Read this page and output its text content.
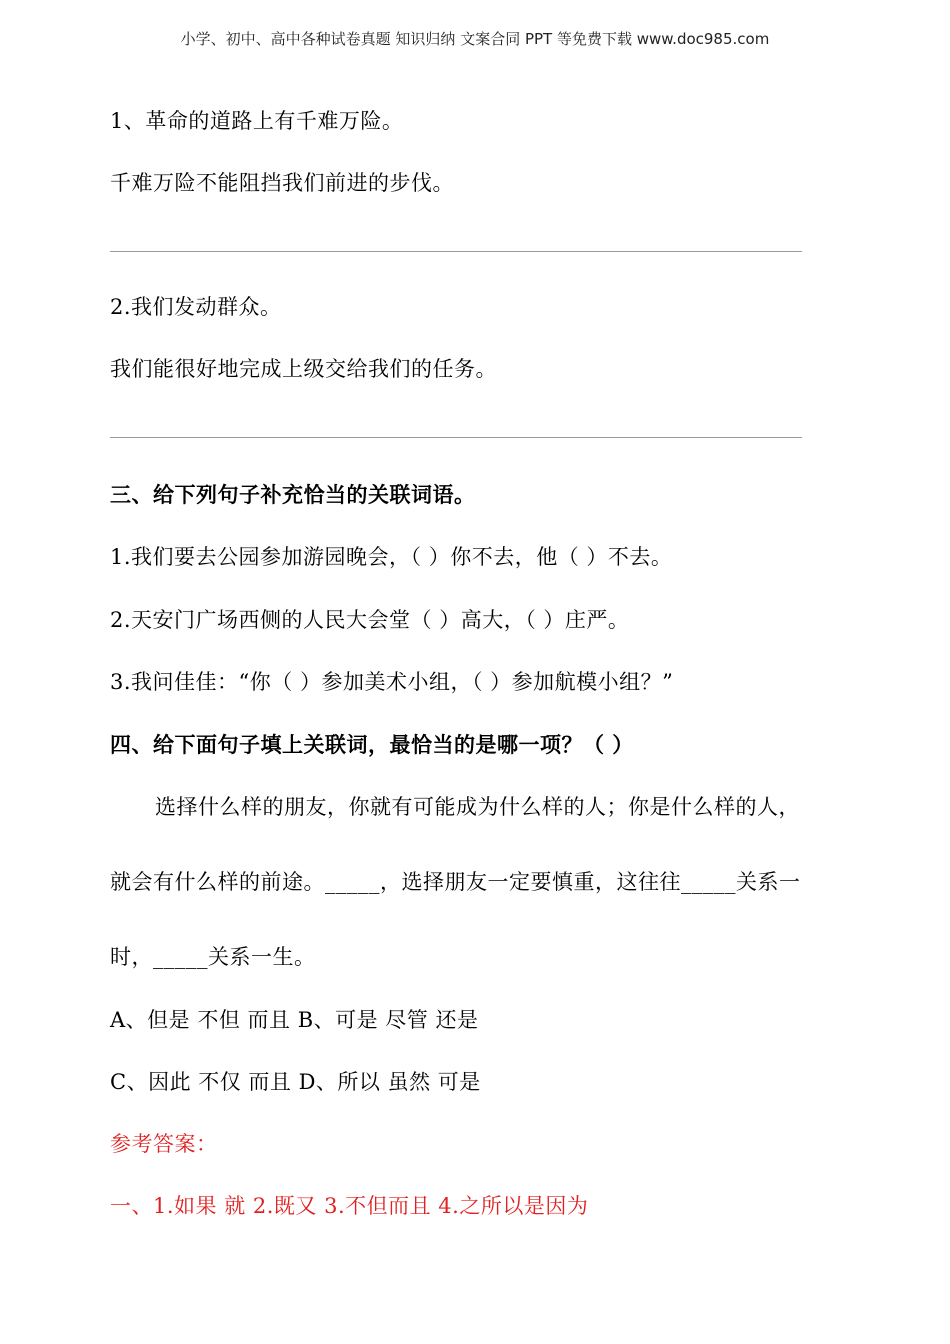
小学、初中、高中各种试卷真题 知识归纳 文案合同 PPT 等免费下载 www.doc985.com
1、革命的道路上有千难万险。
千难万险不能阻挡我们前进的步伐。
2.我们发动群众。
我们能很好地完成上级交给我们的任务。
三、给下列句子补充恰当的关联词语。
1.我们要去公园参加游园晚会，（ ）你不去，他（ ）不去。
2.天安门广场西侧的人民大会堂（ ）高大，（ ）庄严。
3.我问佳佳：“你（ ）参加美术小组，（ ）参加航模小组？”
四、给下面句子填上关联词，最恰当的是哪一项？（ ）
选择什么样的朋友，你就有可能成为什么样的人；你是什么样的人，
就会有什么样的前途。_____，选择朋友一定要慎重，这往往_____关系一
时，_____关系一生。
A、但是 不但 而且 B、可是 尽管 还是
C、因此 不仅 而且 D、所以 虽然 可是
参考答案：
一、1.如果 就 2.既又 3.不但而且 4.之所以是因为
